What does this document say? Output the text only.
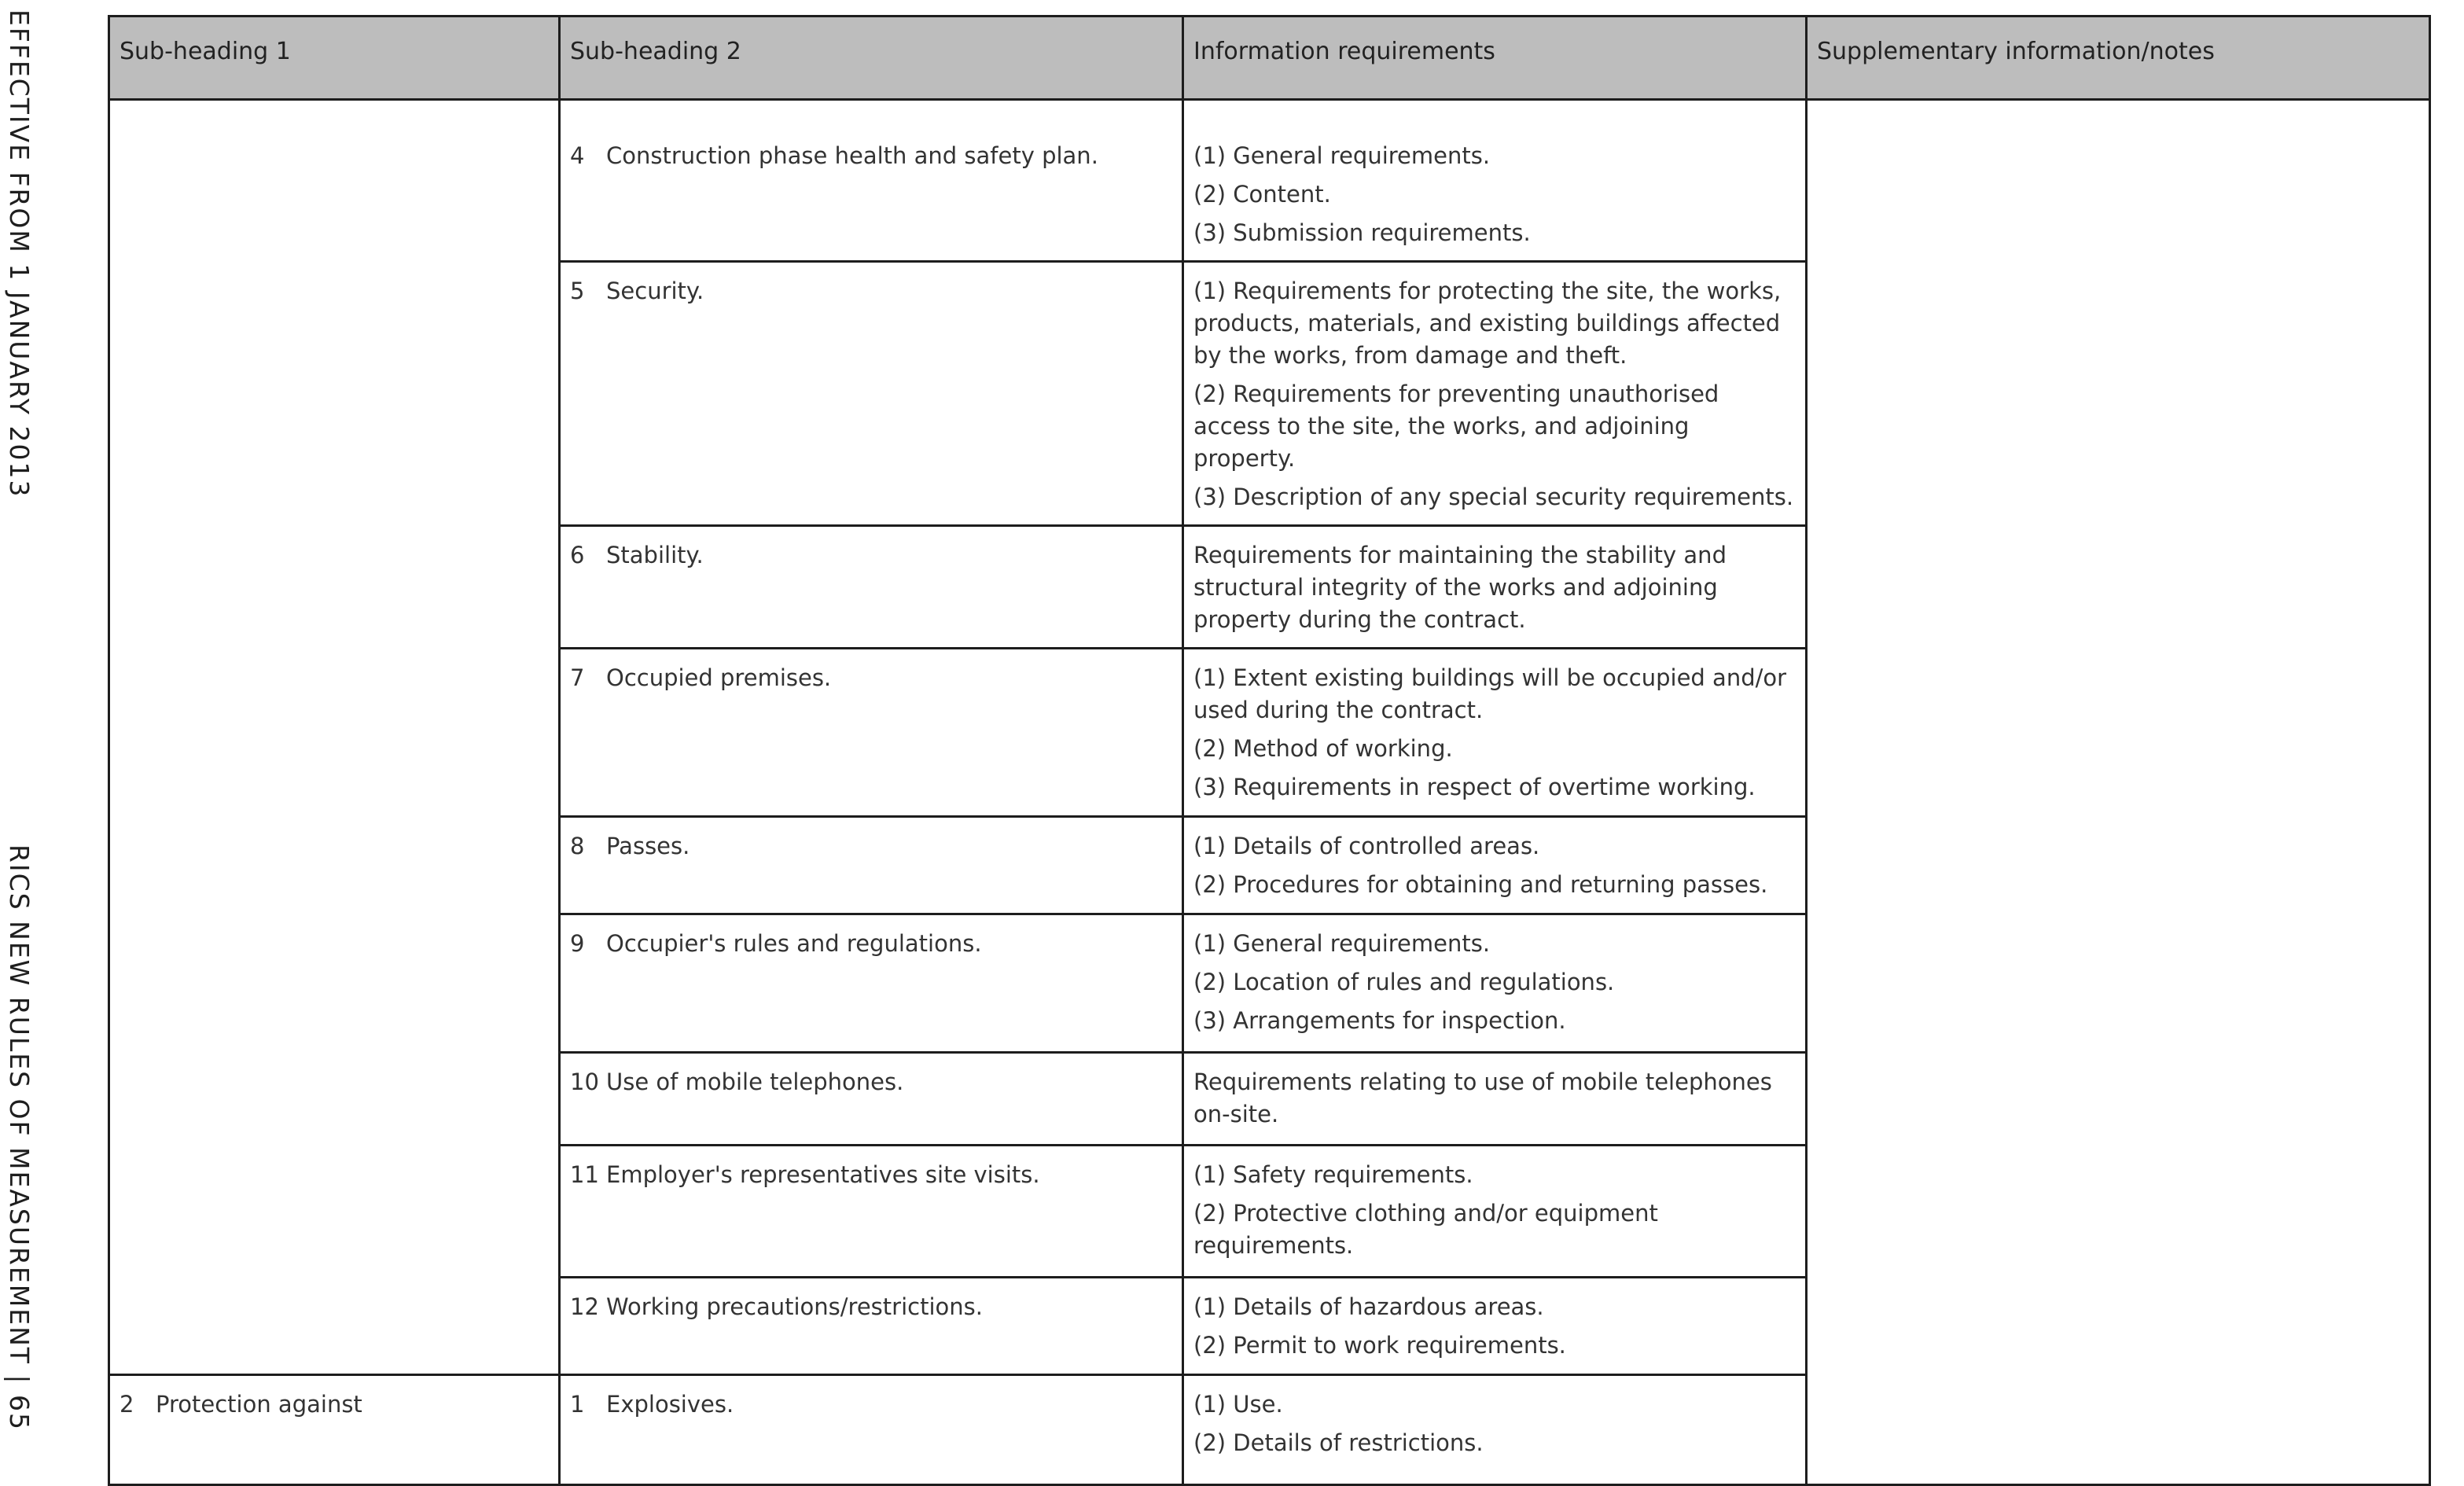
EFFECTIVE FROM 1 JANUARY 2013
RICS NEW RULES OF MEASUREMENT | 65
Sub-heading 1	Sub-heading 2	Information requirements	Supplementary information/notes
	4 Construction phase health and safety plan.	(1) General requirements.

(2) Content.

(3) Submission requirements.	

	5 Security.	(1) Requirements for protecting the site, the works, products, materials, and existing buildings affected by the works, from damage and theft.

(2) Requirements for preventing unauthorised access to the site, the works, and adjoining property.

(3) Description of any special security requirements.	

	6 Stability.	Requirements for maintaining the stability and structural integrity of the works and adjoining property during the contract.	

	7 Occupied premises.	(1) Extent existing buildings will be occupied and/or used during the contract.

(2) Method of working.

(3) Requirements in respect of overtime working.	

	8 Passes.	(1) Details of controlled areas.

(2) Procedures for obtaining and returning passes.	

	9 Occupier's rules and regulations.	(1) General requirements.

(2) Location of rules and regulations.

(3) Arrangements for inspection.	

	10 Use of mobile telephones.	Requirements relating to use of mobile telephones on-site.	

	11 Employer's representatives site visits.	(1) Safety requirements.

(2) Protective clothing and/or equipment requirements.	

	12 Working precautions/restrictions.	(1) Details of hazardous areas.

(2) Permit to work requirements.	

2 Protection against	1 Explosives.	(1) Use.

(2) Details of restrictions.	
